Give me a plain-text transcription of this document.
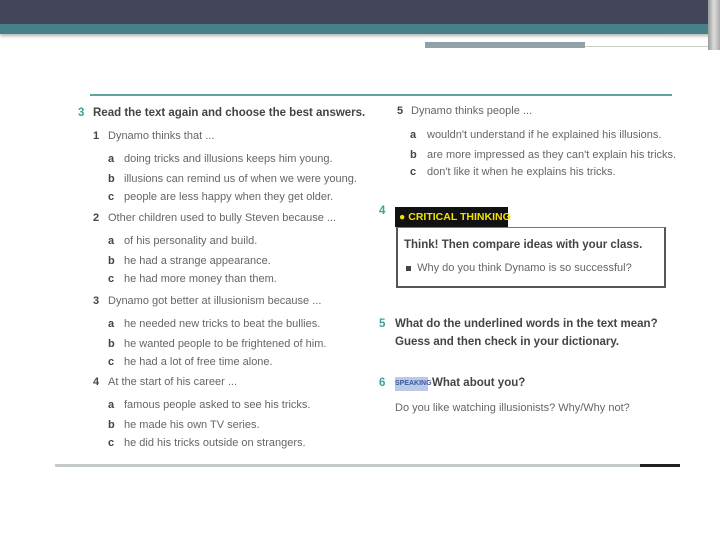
3 Read the text again and choose the best answers.
1 Dynamo thinks that ...
a doing tricks and illusions keeps him young.
b illusions can remind us of when we were young.
c people are less happy when they get older.
2 Other children used to bully Steven because ...
a of his personality and build.
b he had a strange appearance.
c he had more money than them.
3 Dynamo got better at illusionism because ...
a he needed new tricks to beat the bullies.
b he wanted people to be frightened of him.
c he had a lot of free time alone.
4 At the start of his career ...
a famous people asked to see his tricks.
b he made his own TV series.
c he did his tricks outside on strangers.
5 Dynamo thinks people ...
a wouldn't understand if he explained his illusions.
b are more impressed as they can't explain his tricks.
c don't like it when he explains his tricks.
4	● CRITICAL THINKING
Think! Then compare ideas with your class.
Why do you think Dynamo is so successful?
5 What do the underlined words in the text mean?
Guess and then check in your dictionary.
6 SPEAKING What about you?
Do you like watching illusionists? Why/Why not?
